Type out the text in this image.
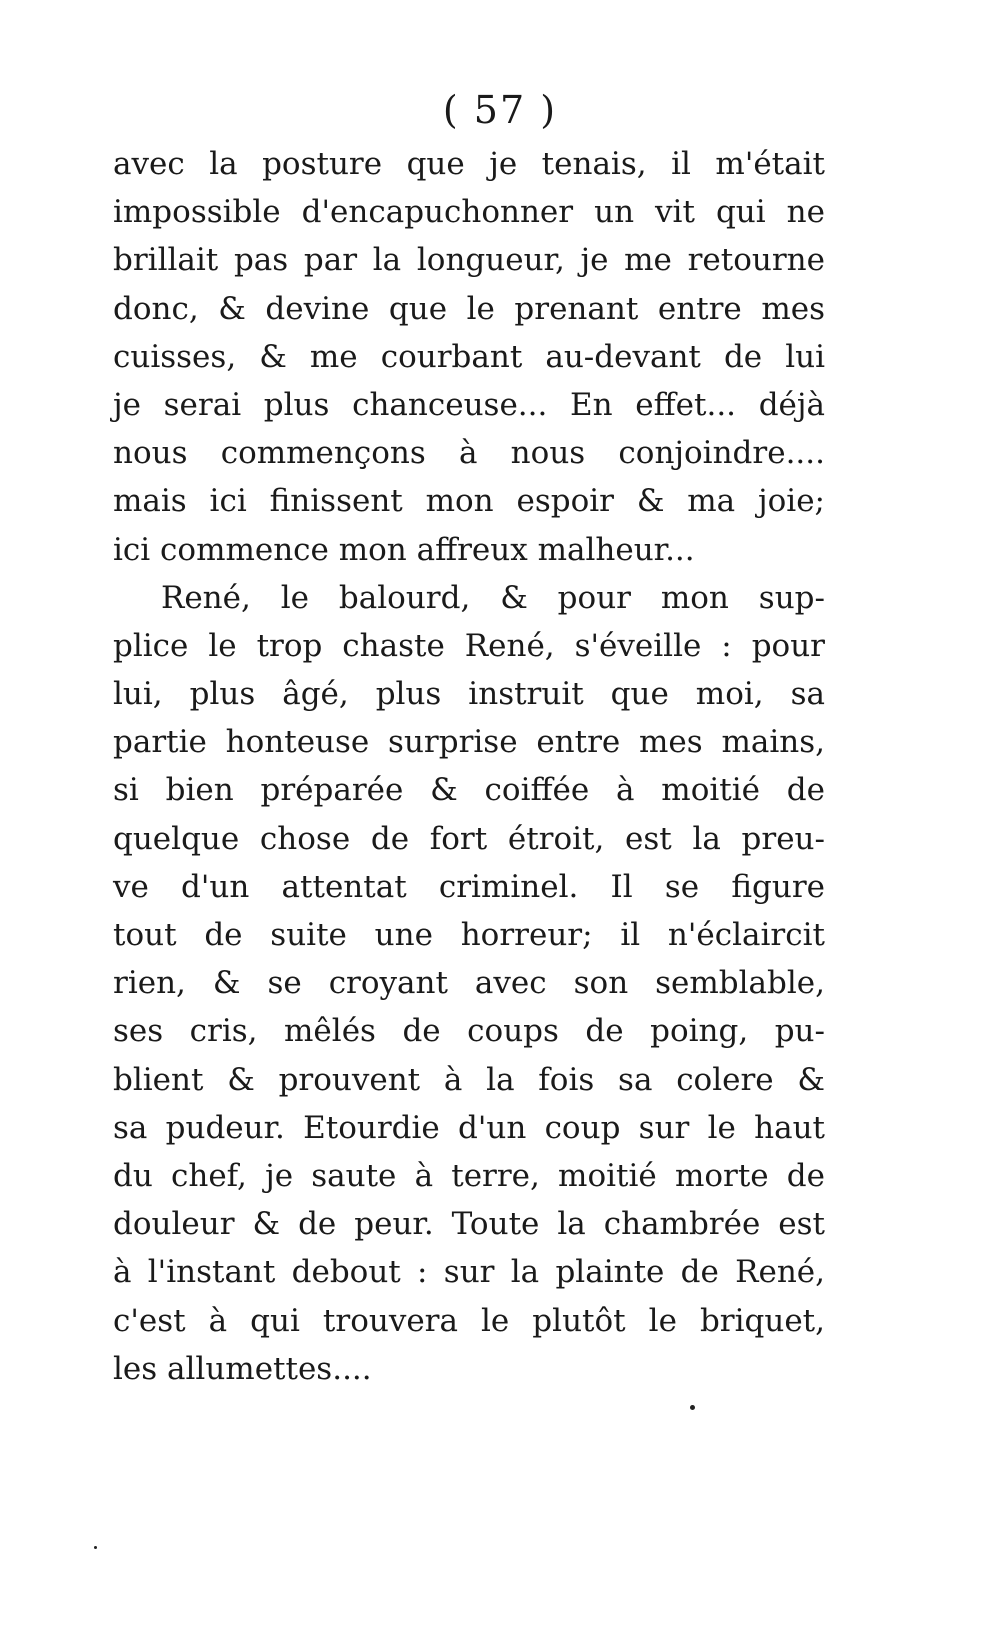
( 57 )
avec la posture que je tenais, il m'était
impossible d'encapuchonner un vit qui ne
brillait pas par la longueur, je me retourne
donc, & devine que le prenant entre mes
cuisses, & me courbant au-devant de lui
je serai plus chanceuse... En effet... déjà
nous commençons à nous conjoindre....
mais ici finissent mon espoir & ma joie;
ici commence mon affreux malheur...
René, le balourd, & pour mon sup-
plice le trop chaste René, s'éveille : pour
lui, plus âgé, plus instruit que moi, sa
partie honteuse surprise entre mes mains,
si bien préparée & coiffée à moitié de
quelque chose de fort étroit, est la preu-
ve d'un attentat criminel. Il se figure
tout de suite une horreur; il n'éclaircit
rien, & se croyant avec son semblable,
ses cris, mêlés de coups de poing, pu-
blient & prouvent à la fois sa colere &
sa pudeur. Etourdie d'un coup sur le haut
du chef, je saute à terre, moitié morte de
douleur & de peur. Toute la chambrée est
à l'instant debout : sur la plainte de René,
c'est à qui trouvera le plutôt le briquet,
les allumettes....
